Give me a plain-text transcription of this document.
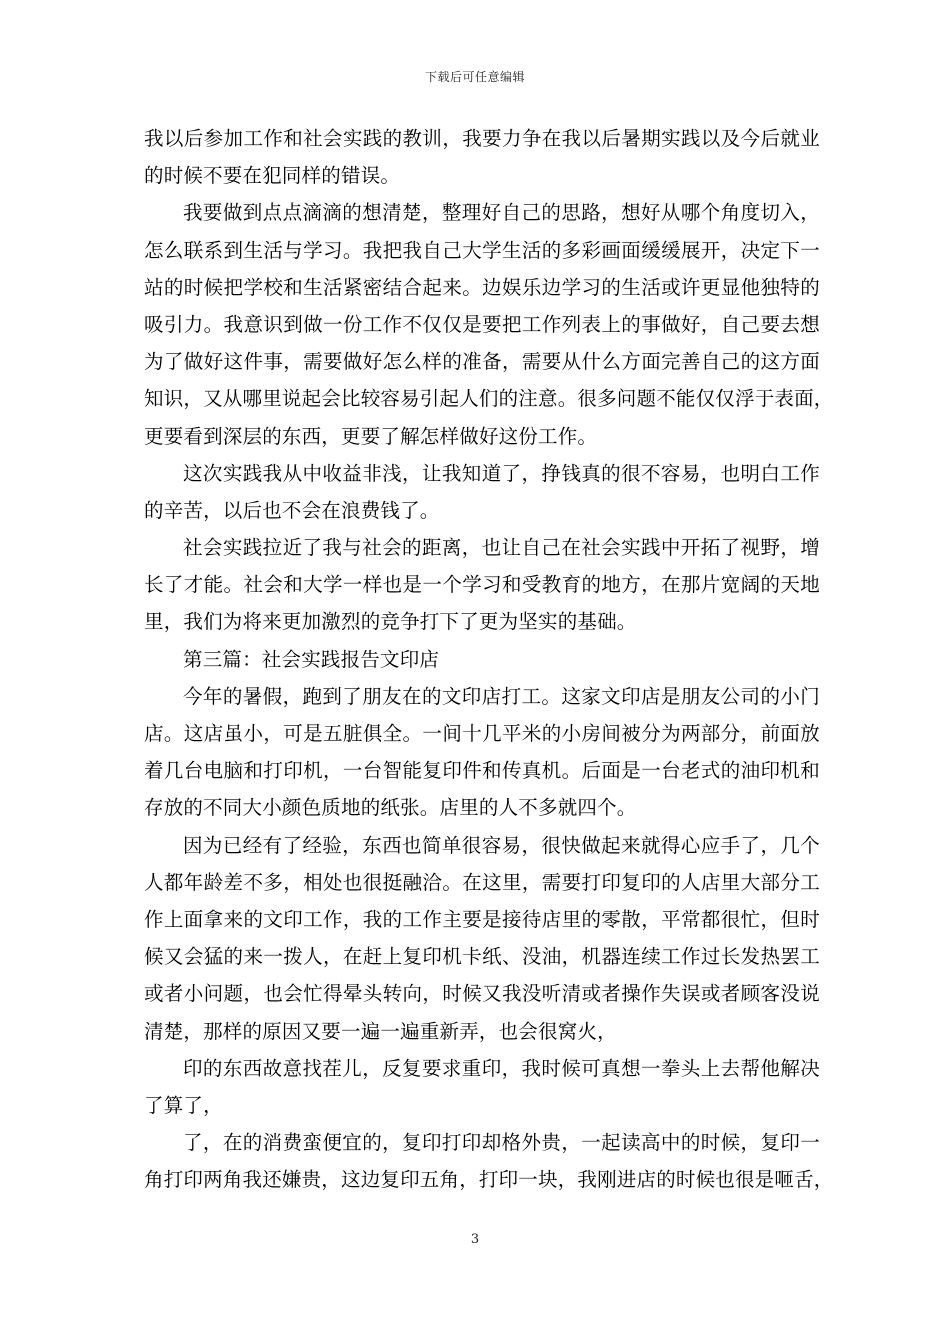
下载后可任意编辑
我以后参加工作和社会实践的教训，我要力争在我以后暑期实践以及今后就业
的时候不要在犯同样的错误。
我要做到点点滴滴的想清楚，整理好自己的思路，想好从哪个角度切入，
怎么联系到生活与学习。我把我自己大学生活的多彩画面缓缓展开，决定下一
站的时候把学校和生活紧密结合起来。边娱乐边学习的生活或许更显他独特的
吸引力。我意识到做一份工作不仅仅是要把工作列表上的事做好，自己要去想
为了做好这件事，需要做好怎么样的准备，需要从什么方面完善自己的这方面
知识，又从哪里说起会比较容易引起人们的注意。很多问题不能仅仅浮于表面，
更要看到深层的东西，更要了解怎样做好这份工作。
这次实践我从中收益非浅，让我知道了，挣钱真的很不容易，也明白工作
的辛苦，以后也不会在浪费钱了。
社会实践拉近了我与社会的距离，也让自己在社会实践中开拓了视野，增
长了才能。社会和大学一样也是一个学习和受教育的地方，在那片宽阔的天地
里，我们为将来更加激烈的竞争打下了更为坚实的基础。
第三篇：社会实践报告文印店
今年的暑假，跑到了朋友在的文印店打工。这家文印店是朋友公司的小门
店。这店虽小，可是五脏俱全。一间十几平米的小房间被分为两部分，前面放
着几台电脑和打印机，一台智能复印件和传真机。后面是一台老式的油印机和
存放的不同大小颜色质地的纸张。店里的人不多就四个。
因为已经有了经验，东西也简单很容易，很快做起来就得心应手了，几个
人都年龄差不多，相处也很挺融洽。在这里，需要打印复印的人店里大部分工
作上面拿来的文印工作，我的工作主要是接待店里的零散，平常都很忙，但时
候又会猛的来一拨人，在赶上复印机卡纸、没油，机器连续工作过长发热罢工
或者小问题，也会忙得晕头转向，时候又我没听清或者操作失误或者顾客没说
清楚，那样的原因又要一遍一遍重新弄，也会很窝火，
印的东西故意找茬儿，反复要求重印，我时候可真想一拳头上去帮他解决
了算了，
了，在的消费蛮便宜的，复印打印却格外贵，一起读高中的时候，复印一
角打印两角我还嫌贵，这边复印五角，打印一块，我刚进店的时候也很是咂舌，
3
